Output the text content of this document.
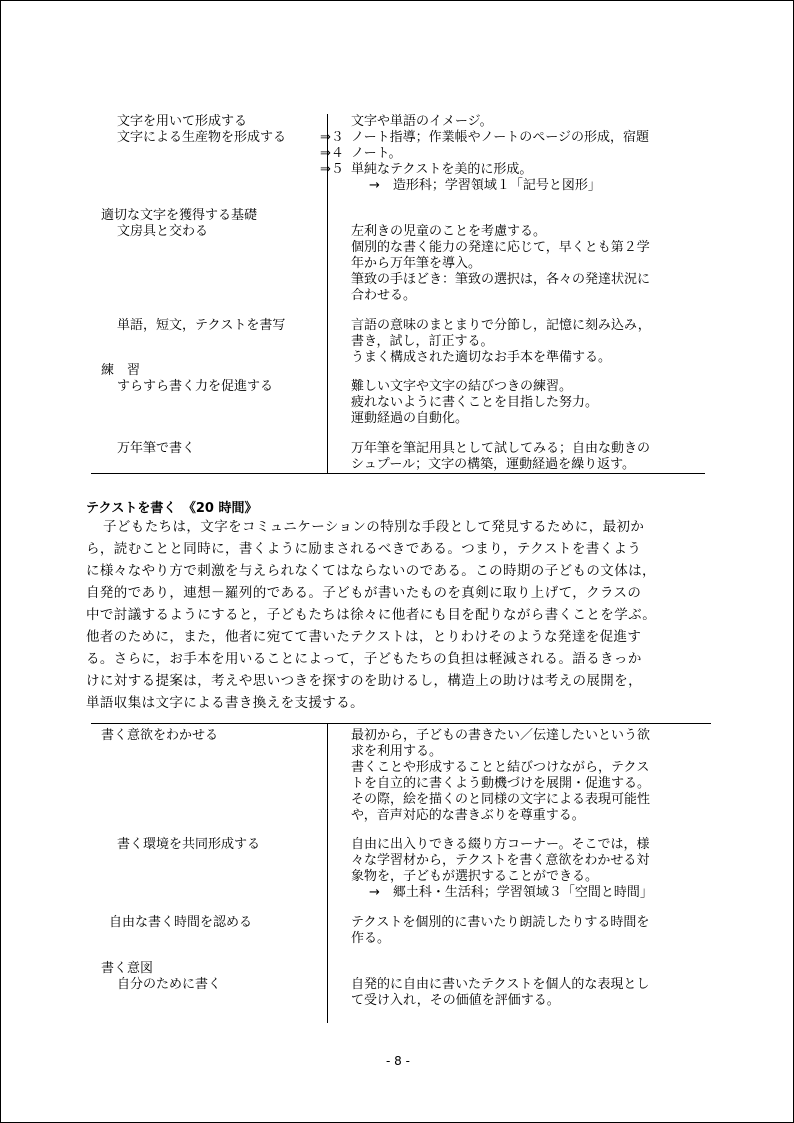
文字を用いて形成する	文字や単語のイメージ。
文字による生産物を形成する	⇒３ ノート指導；作業帳やノートのページの形成，宿題
⇒４ ノート。
⇒５ 単純なテクストを美的に形成。
→　造形科；学習領域１「記号と図形」
適切な文字を獲得する基礎
文房具と交わる	左利きの児童のことを考慮する。
個別的な書く能力の発達に応じて，早くとも第２学
年から万年筆を導入。
筆致の手ほどき：筆致の選択は，各々の発達状況に
合わせる。
単語，短文，テクストを書写	言語の意味のまとまりで分節し，記憶に刻み込み，
書き，試し，訂正する。
うまく構成された適切なお手本を準備する。
練　習
すらすら書く力を促進する	難しい文字や文字の結びつきの練習。
疲れないように書くことを目指した努力。
運動経過の自動化。
万年筆で書く	万年筆を筆記用具として試してみる；自由な動きの
シュプール；文字の構築，運動経過を繰り返す。
テクストを書く　《20 時間》
子どもたちは，文字をコミュニケーションの特別な手段として発見するために，最初か
ら，読むことと同時に，書くように励まされるべきである。つまり，テクストを書くよう
に様々なやり方で刺激を与えられなくてはならないのである。この時期の子どもの文体は，
自発的であり，連想－羅列的である。子どもが書いたものを真剣に取り上げて，クラスの
中で討議するようにすると，子どもたちは徐々に他者にも目を配りながら書くことを学ぶ。
他者のために，また，他者に宛てて書いたテクストは，とりわけそのような発達を促進す
る。さらに，お手本を用いることによって，子どもたちの負担は軽減される。語るきっか
けに対する提案は，考えや思いつきを探すのを助けるし，構造上の助けは考えの展開を，
単語収集は文字による書き換えを支援する。
書く意欲をわかせる	最初から，子どもの書きたい／伝達したいという欲
求を利用する。
書くことや形成することと結びつけながら，テクス
トを自立的に書くよう動機づけを展開・促進する。
その際，絵を描くのと同様の文字による表現可能性
や，音声対応的な書きぶりを尊重する。
書く環境を共同形成する	自由に出入りできる綴り方コーナー。そこでは，様
々な学習材から，テクストを書く意欲をわかせる対
象物を，子どもが選択することができる。
→　郷土科・生活科；学習領域３「空間と時間」
自由な書く時間を認める	テクストを個別的に書いたり朗読したりする時間を
作る。
書く意図
自分のために書く	自発的に自由に書いたテクストを個人的な表現とし
て受け入れ，その価値を評価する。
- 8 -
